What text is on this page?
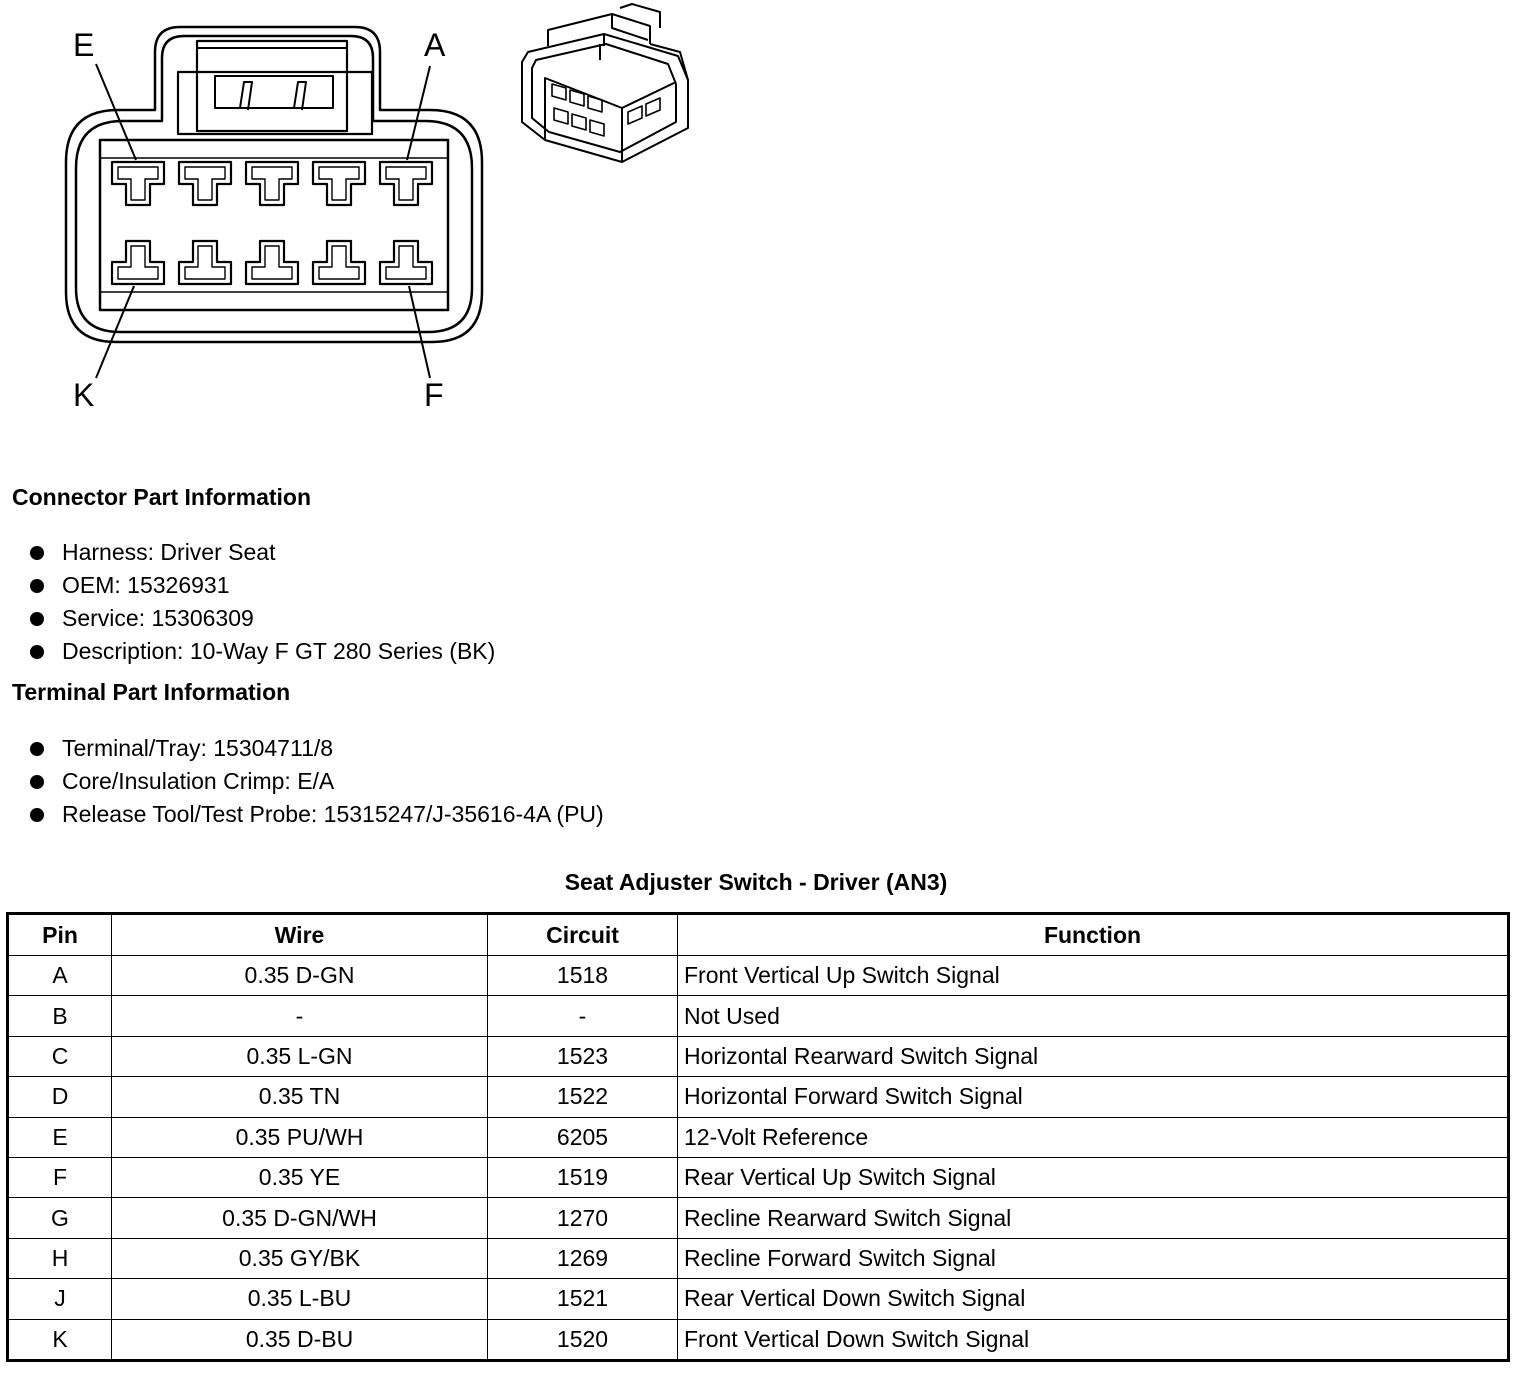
E	A
K	F
Connector Part Information
Harness: Driver Seat
OEM: 15326931
Service: 15306309
Description: 10-Way F GT 280 Series (BK)
Terminal Part Information
Terminal/Tray: 15304711/8
Core/Insulation Crimp: E/A
Release Tool/Test Probe: 15315247/J-35616-4A (PU)
Seat Adjuster Switch - Driver (AN3)
Pin	Wire	Circuit	Function
A	0.35 D-GN	1518	Front Vertical Up Switch Signal
B	-	-	Not Used
C	0.35 L-GN	1523	Horizontal Rearward Switch Signal
D	0.35 TN	1522	Horizontal Forward Switch Signal
E	0.35 PU/WH	6205	12-Volt Reference
F	0.35 YE	1519	Rear Vertical Up Switch Signal
G	0.35 D-GN/WH	1270	Recline Rearward Switch Signal
H	0.35 GY/BK	1269	Recline Forward Switch Signal
J	0.35 L-BU	1521	Rear Vertical Down Switch Signal
K	0.35 D-BU	1520	Front Vertical Down Switch Signal
